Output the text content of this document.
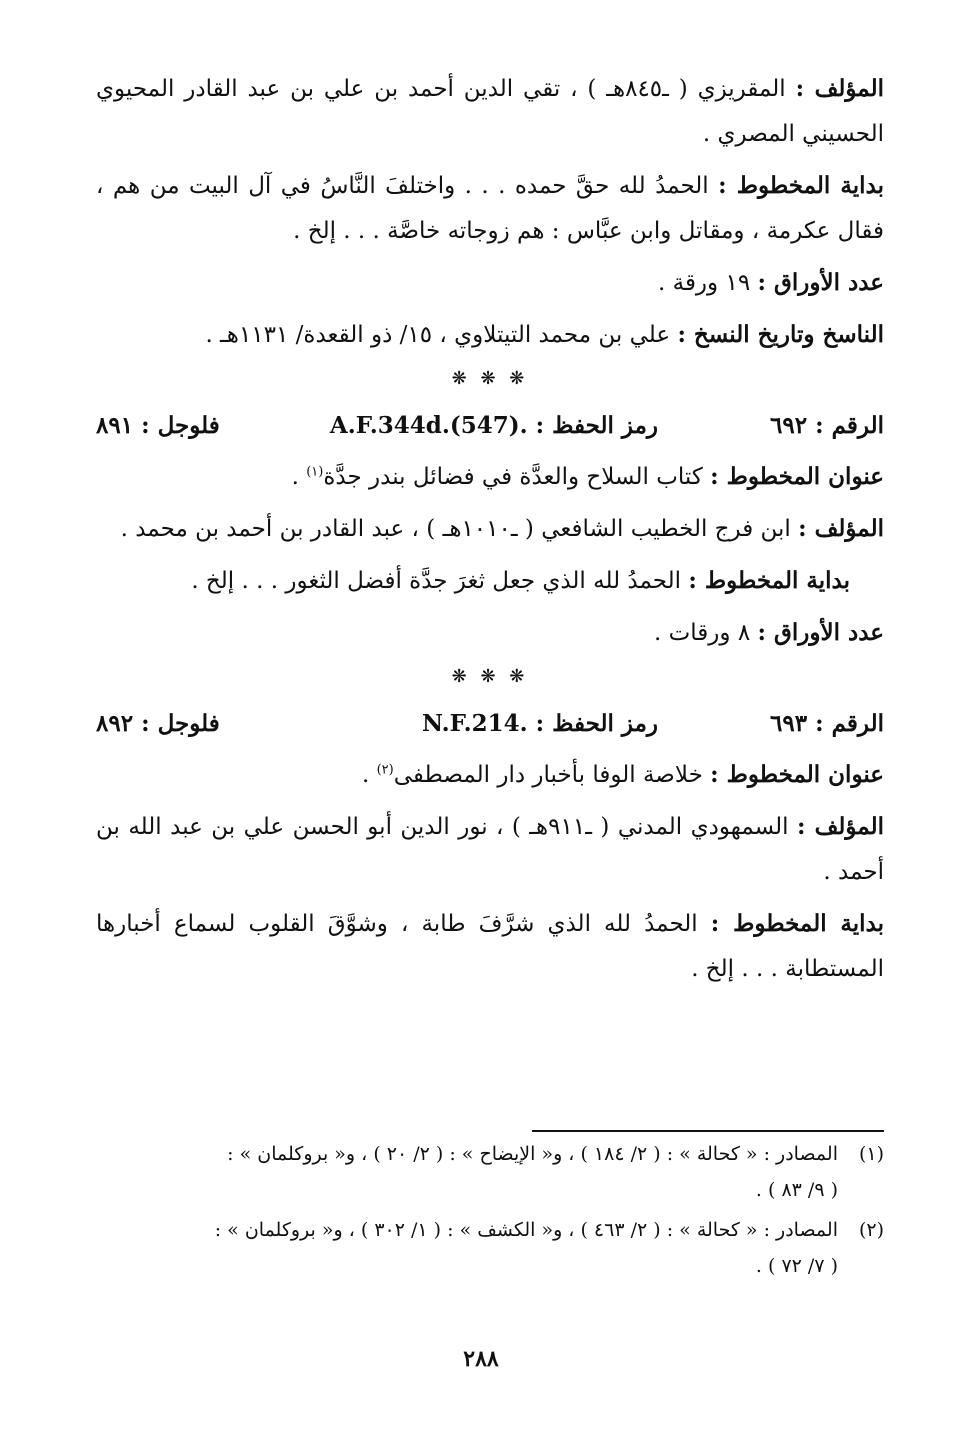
المؤلف : المقريزي ( ـ٨٤٥هـ ) ، تقي الدين أحمد بن علي بن عبد القادر المحيوي الحسيني المصري .

بداية المخطوط : الحمدُ لله حقَّ حمده . . . واختلفَ النَّاسُ في آل البيت من هم ، فقال عكرمة ، ومقاتل وابن عبَّاس : هم زوجاته خاصَّة . . . إلخ .

عدد الأوراق : ١٩ ورقة .

الناسخ وتاريخ النسخ : علي بن محمد التيتلاوي ، ١٥/ ذو القعدة/ ١١٣١هـ .

❋ ❋ ❋
الرقم : ٦٩٢
رمز الحفظ : A.F.344d.(547).
فلوجل : ٨٩١

عنوان المخطوط : كتاب السلاح والعدَّة في فضائل بندر جدَّة$^{(١)}$ .

المؤلف : ابن فرج الخطيب الشافعي ( ـ١٠١٠هـ ) ، عبد القادر بن أحمد بن محمد .

بداية المخطوط : الحمدُ لله الذي جعل ثغرَ جدَّة أفضل الثغور . . . إلخ .

عدد الأوراق : ٨ ورقات .

❋ ❋ ❋
الرقم : ٦٩٣
رمز الحفظ : N.F.214.
فلوجل : ٨٩٢

عنوان المخطوط : خلاصة الوفا بأخبار دار المصطفى$^{(٢)}$ .

المؤلف : السمهودي المدني ( ـ٩١١هـ ) ، نور الدين أبو الحسن علي بن عبد الله بن أحمد .

بداية المخطوط : الحمدُ لله الذي شرَّفَ طابة ، وشوَّقَ القلوب لسماع أخبارها المستطابة . . . إلخ .

(١)المصادر : « كحالة » : ( ٢/ ١٨٤ ) ، و« الإيضاح » : ( ٢/ ٢٠ ) ، و« بروكلمان » :
( ٩/ ٨٣ ) .
(٢)المصادر : « كحالة » : ( ٢/ ٤٦٣ ) ، و« الكشف » : ( ١/ ٣٠٢ ) ، و« بروكلمان » :
( ٧/ ٧٢ ) .
٢٨٨
